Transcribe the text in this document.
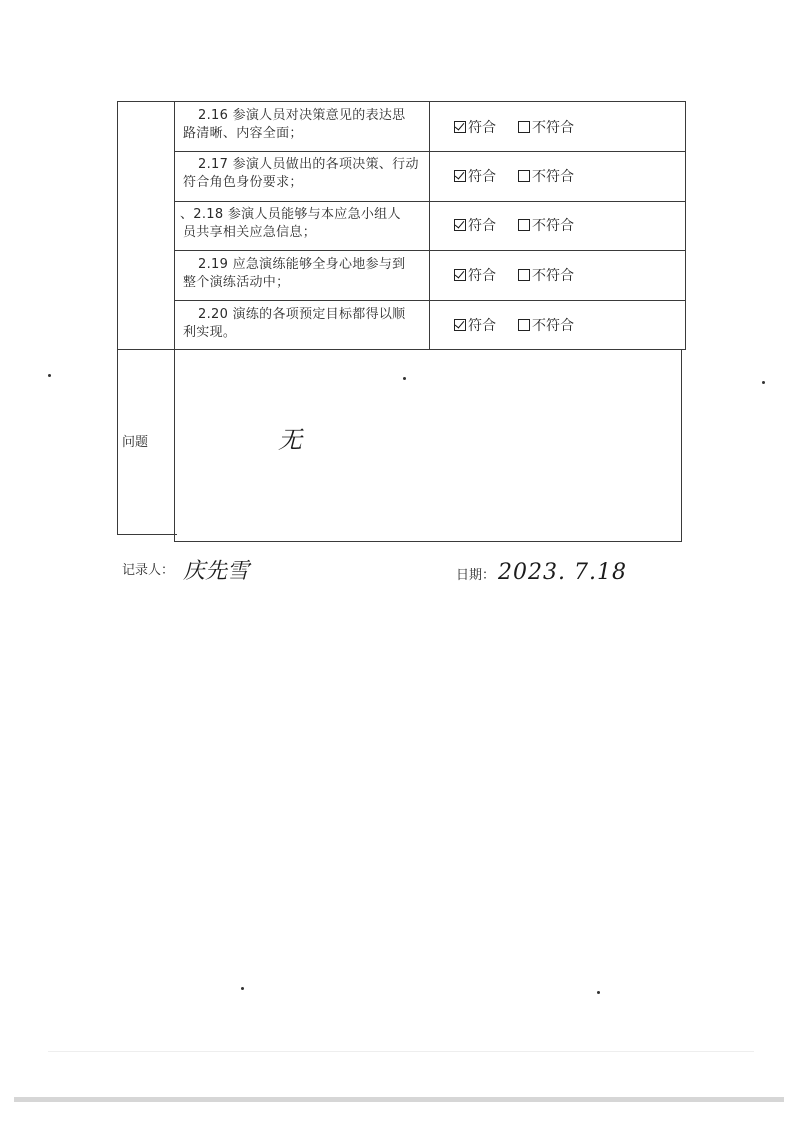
2.16 参演人员对决策意见的表达思
路清晰、内容全面；	符合	不符合
2.17 参演人员做出的各项决策、行动
符合角色身份要求；	符合	不符合
、2.18 参演人员能够与本应急小组人
员共享相关应急信息；	符合	不符合
2.19 应急演练能够全身心地参与到
整个演练活动中；	符合	不符合
2.20 演练的各项预定目标都得以顺
利实现。	符合	不符合
问题	无
记录人： 庆先雪	日期： 2023. 7.18
